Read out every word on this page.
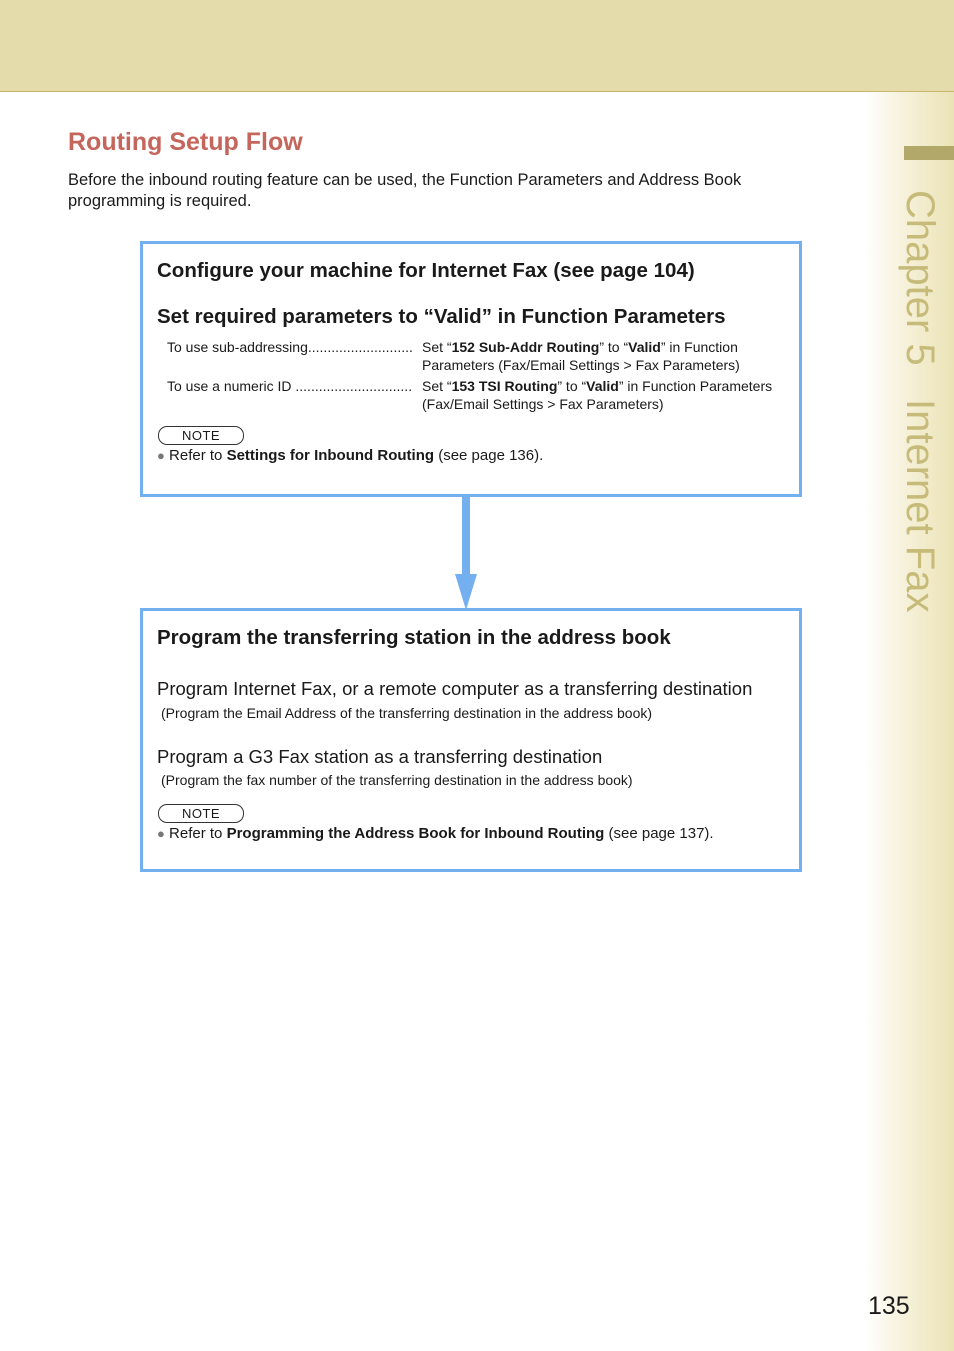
Chapter 5   Internet Fax
Routing Setup Flow

Before the inbound routing feature can be used, the Function Parameters and Address Book programming is required.

Configure your machine for Internet Fax (see page 104)
Set required parameters to “Valid” in Function Parameters
To use sub-addressing........................... Set “152 Sub-Addr Routing” to “Valid” in Function Parameters (Fax/Email Settings > Fax Parameters)
To use a numeric ID .............................. Set “153 TSI Routing” to “Valid” in Function Parameters (Fax/Email Settings > Fax Parameters)
NOTE
● Refer to Settings for Inbound Routing (see page 136).
Program the transferring station in the address book
Program Internet Fax, or a remote computer as a transferring destination
(Program the Email Address of the transferring destination in the address book)
Program a G3 Fax station as a transferring destination
(Program the fax number of the transferring destination in the address book)
NOTE
● Refer to Programming the Address Book for Inbound Routing (see page 137).

135
